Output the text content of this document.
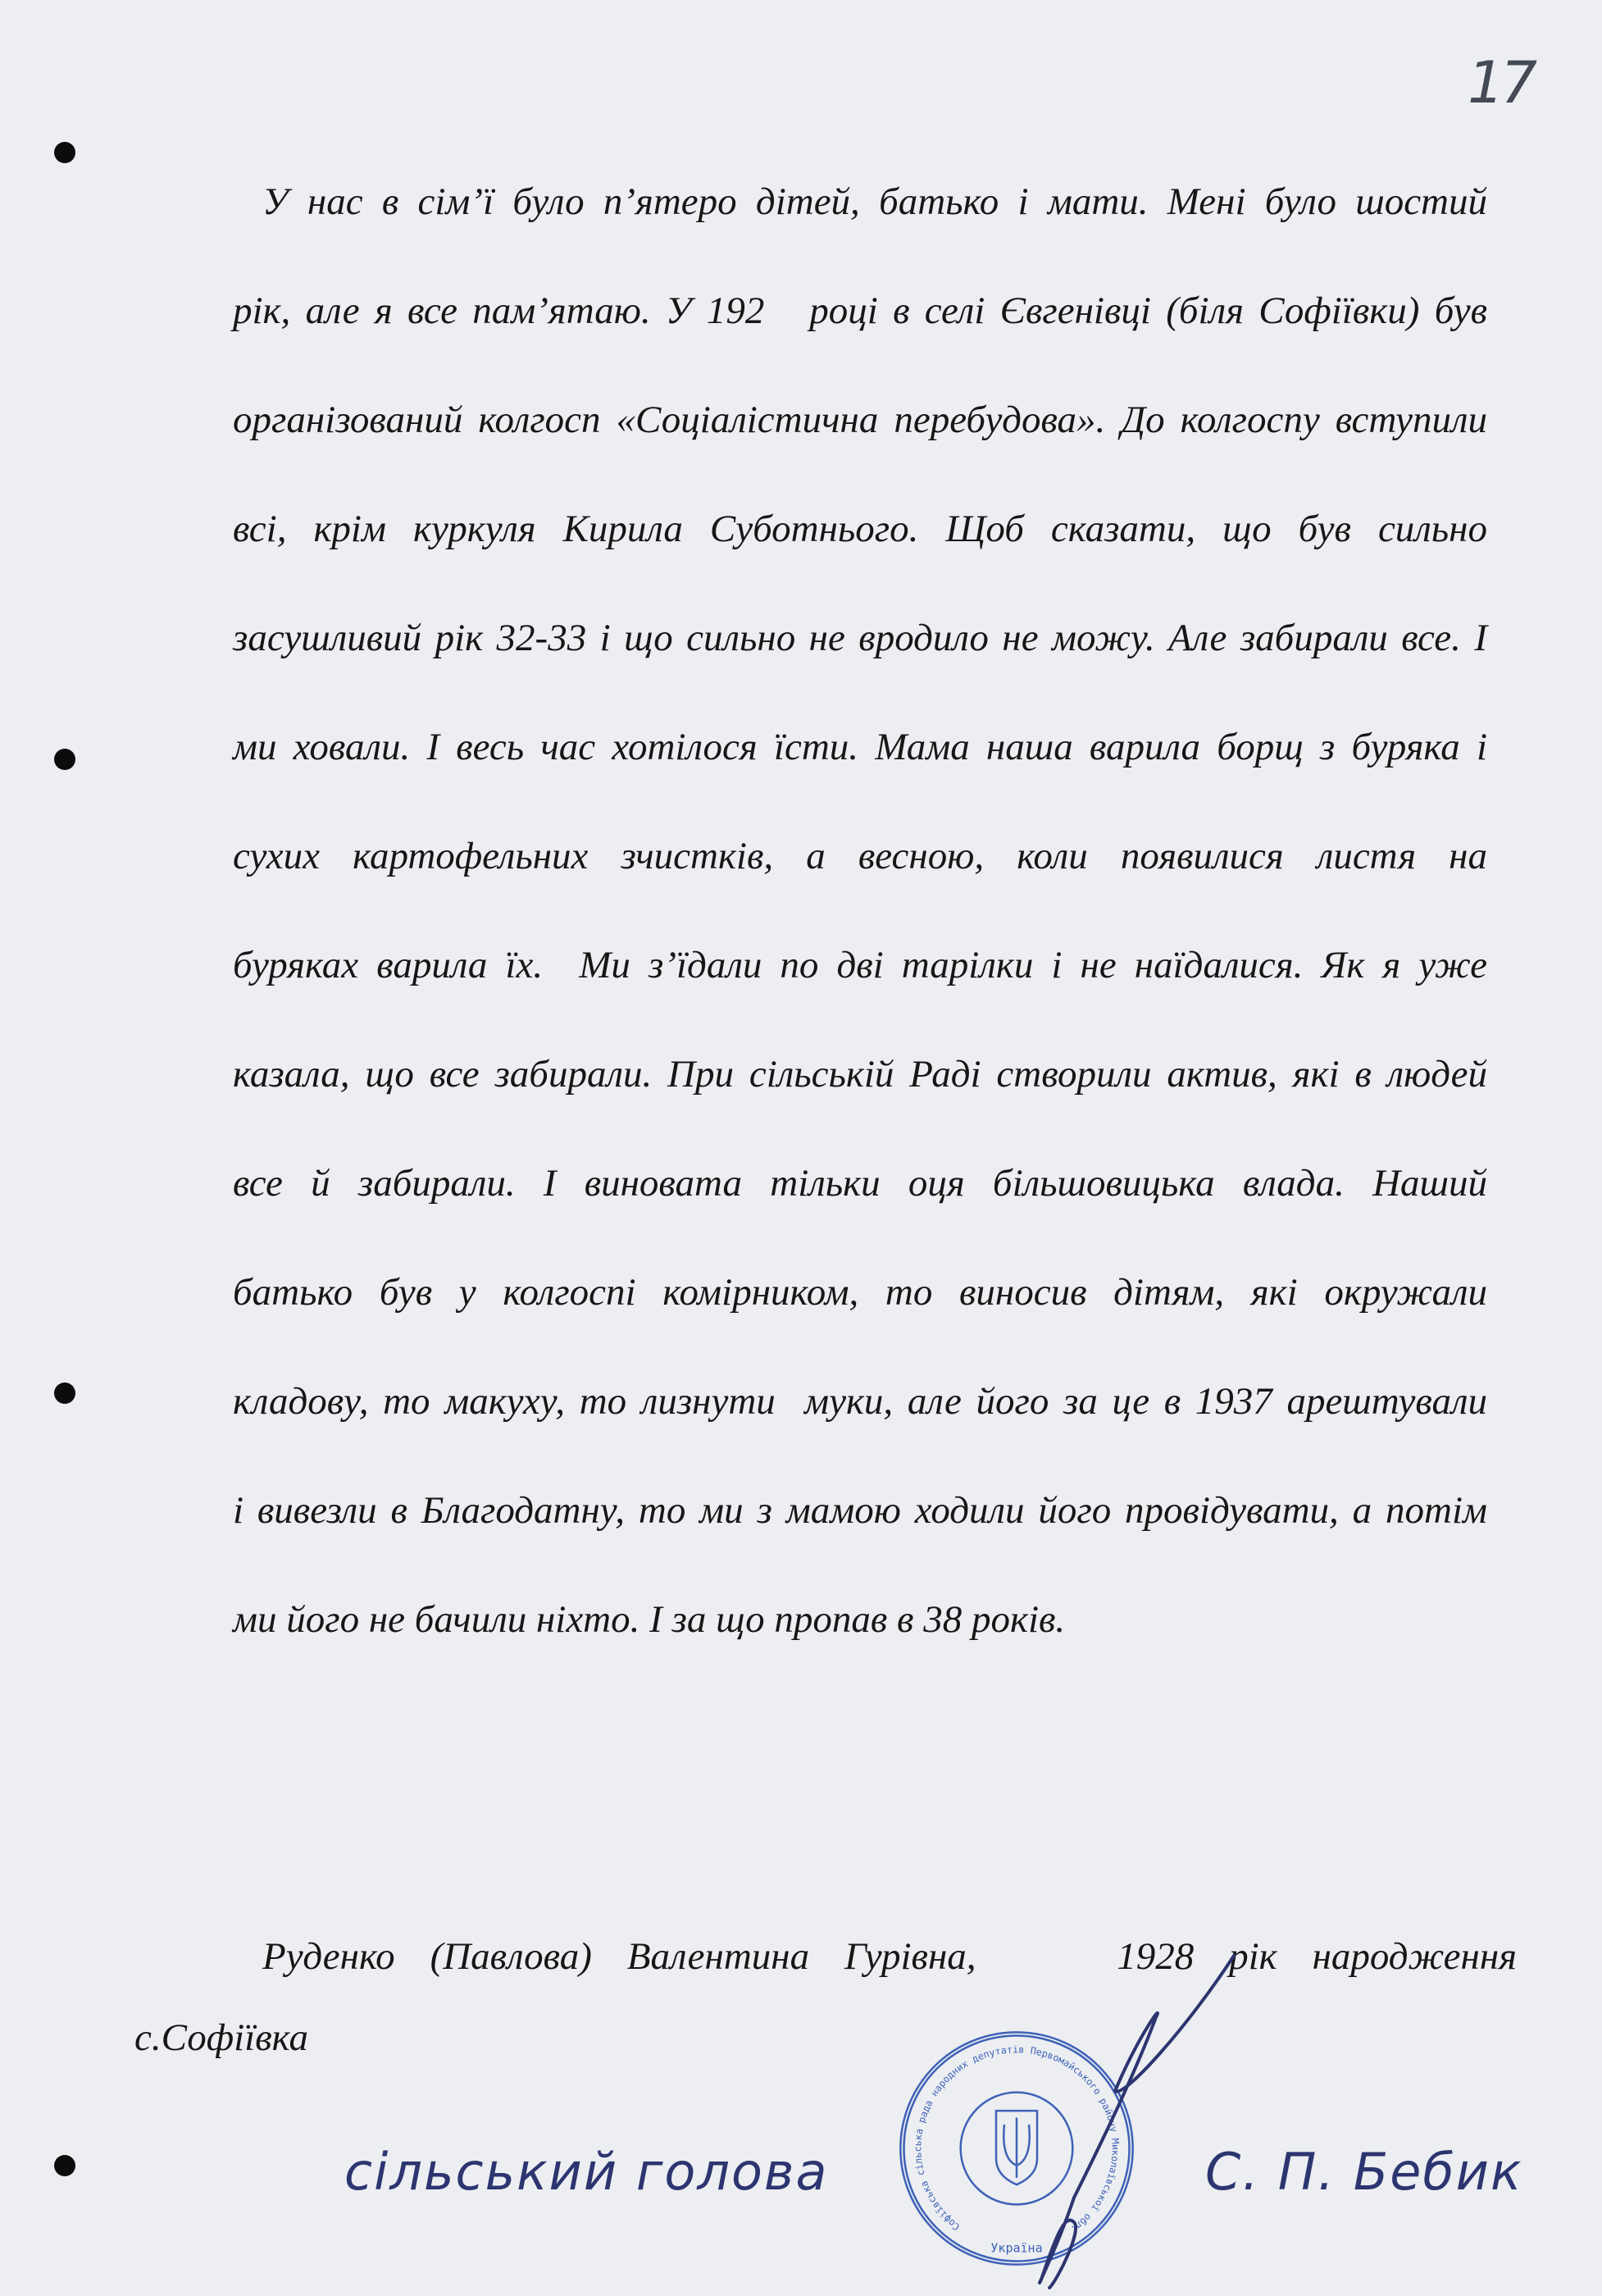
17
У нас в сім’ї було п’ятеро дітей, батько і мати. Мені було шостий
рік, але я все пам’ятаю. У 192   році в селі Євгенівці (біля Софіївки) був
організований колгосп «Соціалістична перебудова». До колгоспу вступили
всі, крім куркуля Кирила Суботнього. Щоб сказати, що був сильно
засушливий рік 32-33 і що сильно не вродило не можу. Але забирали все. І
ми ховали. І весь час хотілося їсти. Мама наша варила борщ з буряка і
сухих картофельних зчистків, а весною, коли появилися листя на
буряках варила їх.  Ми з’їдали по дві тарілки і не наїдалися. Як я уже
казала, що все забирали. При сільській Раді створили актив, які в людей
все й забирали. І виновата тільки оця більшовицька влада. Наший
батько був у колгоспі комірником, то виносив дітям, які окружали
кладову, то макуху, то лизнути  муки, але його за це в 1937 арештували
і вивезли в Благодатну, то ми з мамою ходили його провідувати, а потім
ми його не бачили ніхто. І за що пропав в 38 років.
Руденко (Павлова) Валентина Гурівна,    1928 рік народження
с.Софіївка
Софіївська сільська рада народних депутатів Первомайського району Миколаївської обл.
Україна
сільський голова	С. П. Бебик
